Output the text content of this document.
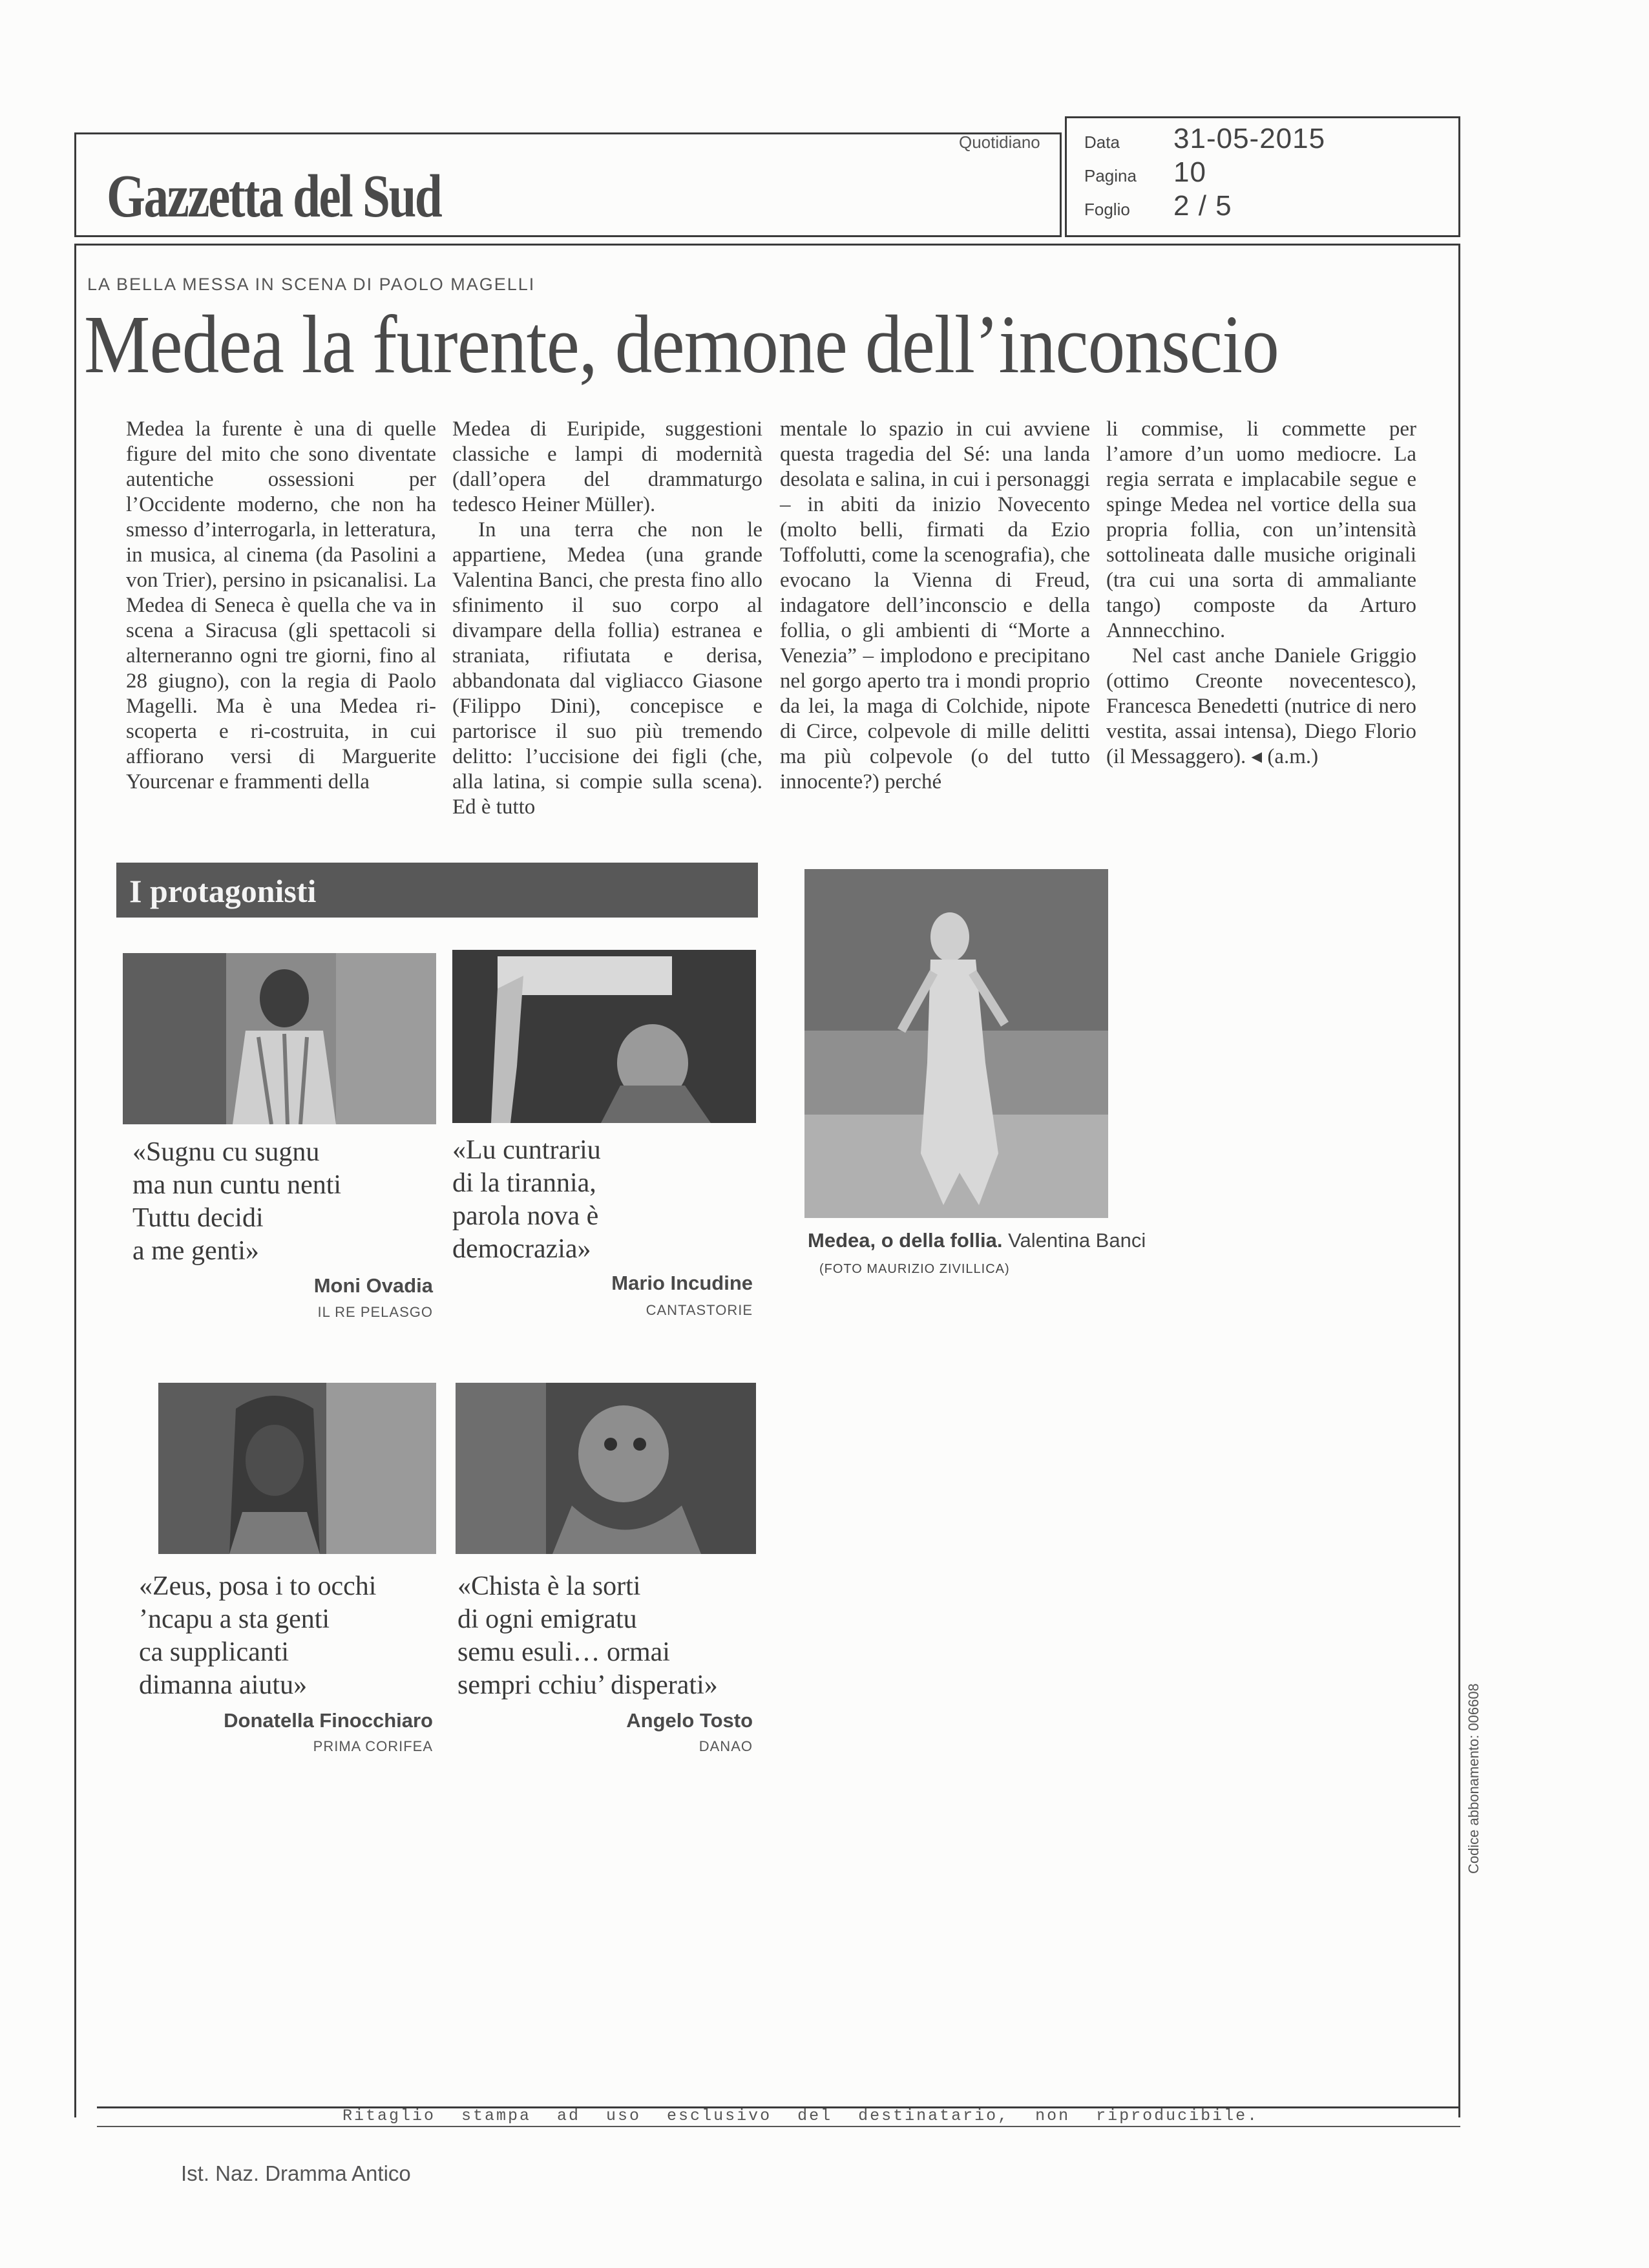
Gazzetta del Sud
Quotidiano	Data	31-05-2015
Pagina	10
Foglio	2 / 5
LA BELLA MESSA IN SCENA DI PAOLO MAGELLI
Medea la furente, demone dell’inconscio

Medea la furente è una di quelle figure del mito che sono diventate autentiche ossessioni per l’Occidente moderno, che non ha smesso d’interrogarla, in letteratura, in musica, al cinema (da Pasolini a von Trier), persino in psicanalisi. La Medea di Seneca è quella che va in scena a Siracusa (gli spettacoli si alterneranno ogni tre giorni, fino al 28 giugno), con la regia di Paolo Magelli. Ma è una Medea ri-scoperta e ri-costruita, in cui affiorano versi di Marguerite Yourcenar e frammenti della

Medea di Euripide, suggestioni classiche e lampi di modernità (dall’opera del drammaturgo tedesco Heiner Müller).

In una terra che non le appartiene, Medea (una grande Valentina Banci, che presta fino allo sfinimento il suo corpo al divampare della follia) estranea e straniata, rifiutata e derisa, abbandonata dal vigliacco Giasone (Filippo Dini), concepisce e partorisce il suo più tremendo delitto: l’uccisione dei figli (che, alla latina, si compie sulla scena). Ed è tutto

mentale lo spazio in cui avviene questa tragedia del Sé: una landa desolata e salina, in cui i personaggi – in abiti da inizio Novecento (molto belli, firmati da Ezio Toffolutti, come la scenografia), che evocano la Vienna di Freud, indagatore dell’inconscio e della follia, o gli ambienti di “Morte a Venezia” – implodono e precipitano nel gorgo aperto tra i mondi proprio da lei, la maga di Colchide, nipote di Circe, colpevole di mille delitti ma più colpevole (o del tutto innocente?) perché

li commise, li commette per l’amore d’un uomo mediocre. La regia serrata e implacabile segue e spinge Medea nel vortice della sua propria follia, con un’intensità sottolineata dalle musiche originali (tra cui una sorta di ammaliante tango) composte da Arturo Annnecchino.

Nel cast anche Daniele Griggio (ottimo Creonte novecentesco), Francesca Benedetti (nutrice di nero vestita, assai intensa), Diego Florio (il Messaggero). ◂ (a.m.)

I protagonisti
«Sugnu cu sugnu
ma nun cuntu nenti
Tuttu decidi
a me genti»
Moni Ovadia
IL RE PELASGO
«Lu cuntrariu
di la tirannia,
parola nova è
democrazia»
Mario Incudine
CANTASTORIE
«Zeus, posa i to occhi
’ncapu a sta genti
ca supplicanti
dimanna aiutu»
Donatella Finocchiaro
PRIMA CORIFEA
«Chista è la sorti
di ogni emigratu
semu esuli… ormai
sempri cchiu’ disperati»
Angelo Tosto
DANAO
Medea, o della follia. Valentina Banci (FOTO MAURIZIO ZIVILLICA)
Codice abbonamento: 006608
Ritaglio stampa ad uso esclusivo del destinatario, non riproducibile.
Ist. Naz. Dramma Antico
